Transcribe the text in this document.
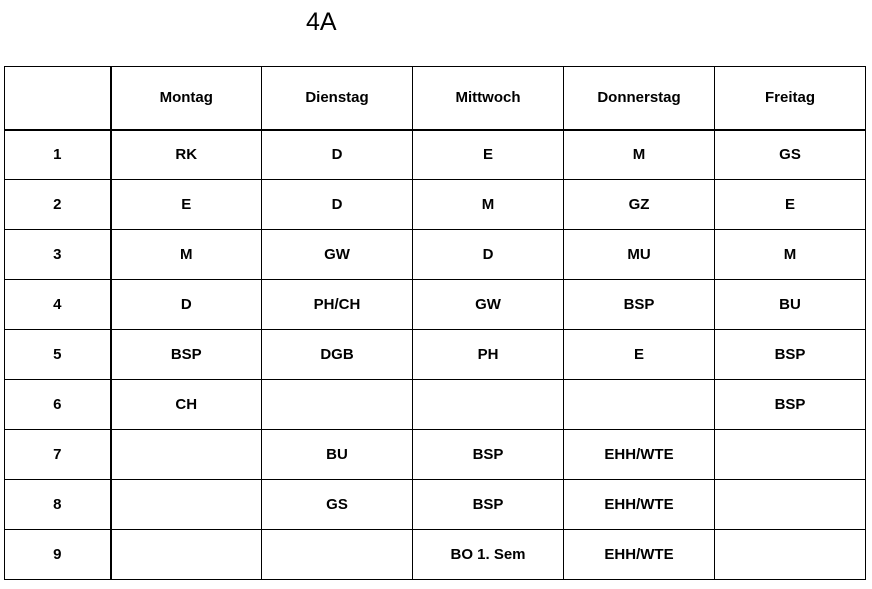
4A
	Montag	Dienstag	Mittwoch	Donnerstag	Freitag
1	RK	D	E	M	GS
2	E	D	M	GZ	E
3	M	GW	D	MU	M
4	D	PH/CH	GW	BSP	BU
5	BSP	DGB	PH	E	BSP
6	CH				BSP
7		BU	BSP	EHH/WTE	
8		GS	BSP	EHH/WTE	
9			BO 1. Sem	EHH/WTE	
